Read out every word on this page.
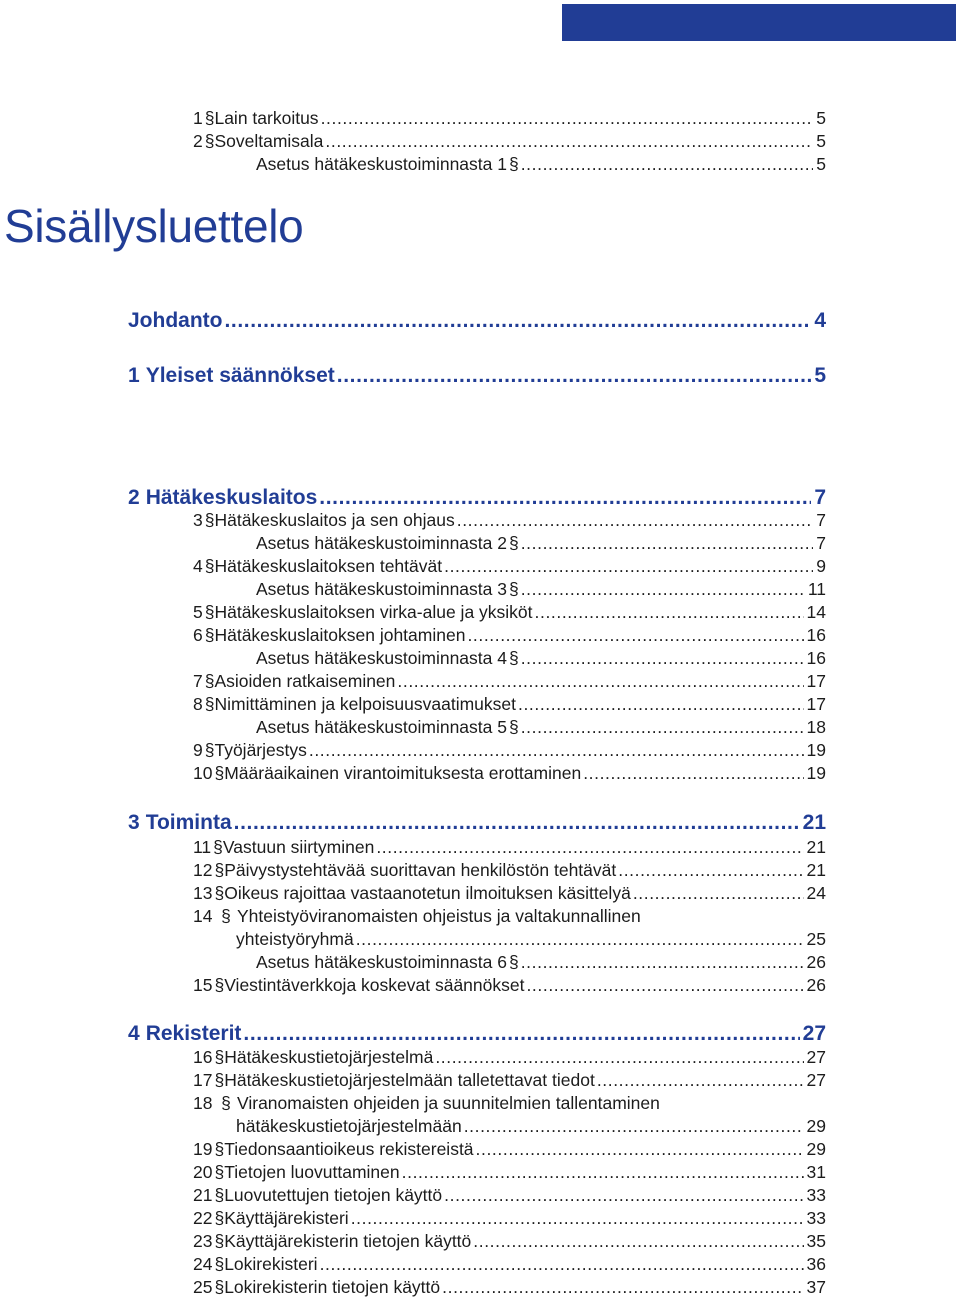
Sisällysluettelo
Johdanto .....	4
1 Yleiset säännökset .....	5
1 § Lain tarkoitus .....	5
2 § Soveltamisala .....	5
Asetus hätäkeskustoiminnasta 1 § .....	5
2 Hätäkeskuslaitos .....	7
3 § Hätäkeskuslaitos ja sen ohjaus .....	7
Asetus hätäkeskustoiminnasta 2 § .....	7
4 § Hätäkeskuslaitoksen tehtävät .....	9
Asetus hätäkeskustoiminnasta 3 § .....	11
5 § Hätäkeskuslaitoksen virka-alue ja yksiköt .....	14
6 § Hätäkeskuslaitoksen johtaminen .....	16
Asetus hätäkeskustoiminnasta 4 § .....	16
7 § Asioiden ratkaiseminen .....	17
8 § Nimittäminen ja kelpoisuusvaatimukset .....	17
Asetus hätäkeskustoiminnasta 5 § .....	18
9 § Työjärjestys .....	19
10 § Määräaikainen virantoimituksesta erottaminen .....	19
3 Toiminta .....	21
11 § Vastuun siirtyminen .....	21
12 § Päivystystehtävää suorittavan henkilöstön tehtävät .....	21
13 § Oikeus rajoittaa vastaanotetun ilmoituksen käsittelyä .....	24
14 § Yhteistyöviranomaisten ohjeistus ja valtakunnallinen
yhteistyöryhmä .....	25
Asetus hätäkeskustoiminnasta 6 § .....	26
15 § Viestintäverkkoja koskevat säännökset .....	26
4 Rekisterit .....	27
16 § Hätäkeskustietojärjestelmä .....	27
17 § Hätäkeskustietojärjestelmään talletettavat tiedot .....	27
18 § Viranomaisten ohjeiden ja suunnitelmien tallentaminen
hätäkeskustietojärjestelmään .....	29
19 § Tiedonsaantioikeus rekistereistä .....	29
20 § Tietojen luovuttaminen .....	31
21 § Luovutettujen tietojen käyttö .....	33
22 § Käyttäjärekisteri .....	33
23 § Käyttäjärekisterin tietojen käyttö .....	35
24 § Lokirekisteri .....	36
25 § Lokirekisterin tietojen käyttö .....	37
